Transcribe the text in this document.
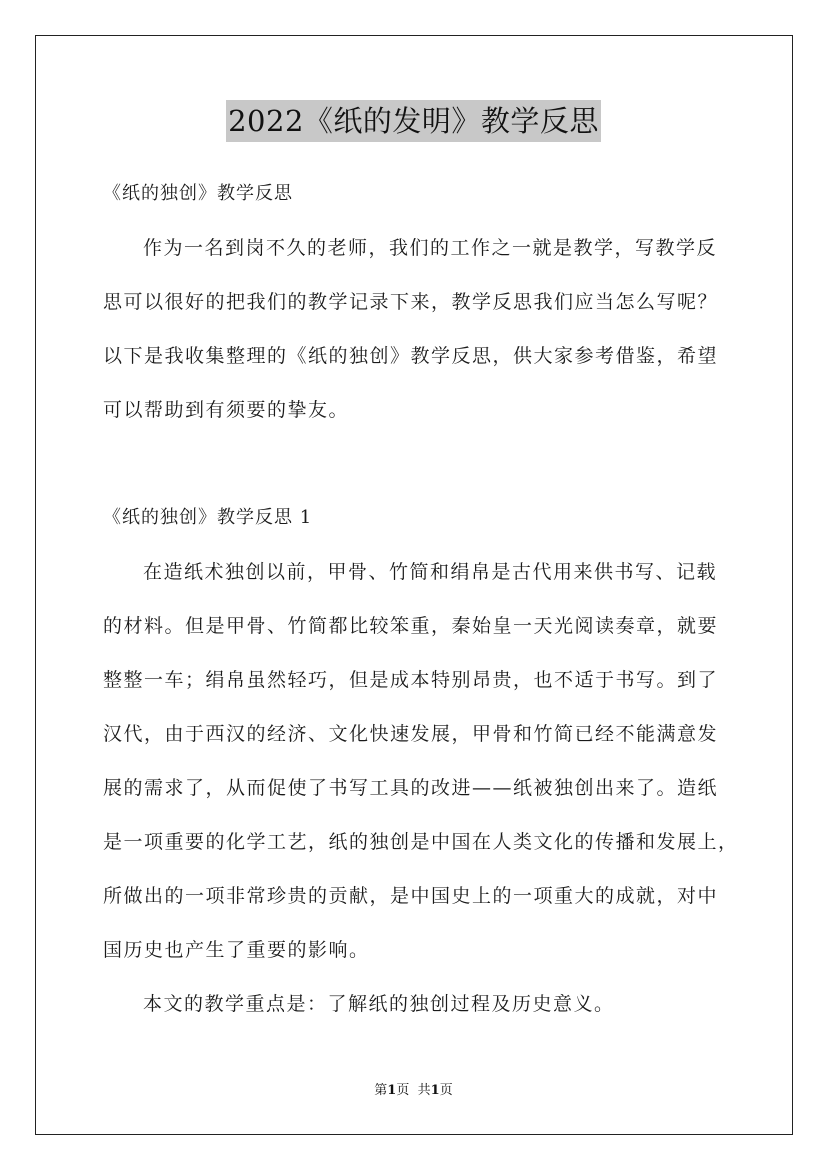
2022《纸的发明》教学反思
《纸的独创》教学反思
作为一名到岗不久的老师，我们的工作之一就是教学，写教学反
思可以很好的把我们的教学记录下来，教学反思我们应当怎么写呢？
以下是我收集整理的《纸的独创》教学反思，供大家参考借鉴，希望
可以帮助到有须要的挚友。
《纸的独创》教学反思 1
在造纸术独创以前，甲骨、竹简和绢帛是古代用来供书写、记载
的材料。但是甲骨、竹简都比较笨重，秦始皇一天光阅读奏章，就要
整整一车；绢帛虽然轻巧，但是成本特别昂贵，也不适于书写。到了
汉代，由于西汉的经济、文化快速发展，甲骨和竹简已经不能满意发
展的需求了，从而促使了书写工具的改进——纸被独创出来了。造纸
是一项重要的化学工艺，纸的独创是中国在人类文化的传播和发展上，
所做出的一项非常珍贵的贡献，是中国史上的一项重大的成就，对中
国历史也产生了重要的影响。
本文的教学重点是：了解纸的独创过程及历史意义。
第1页 共1页
